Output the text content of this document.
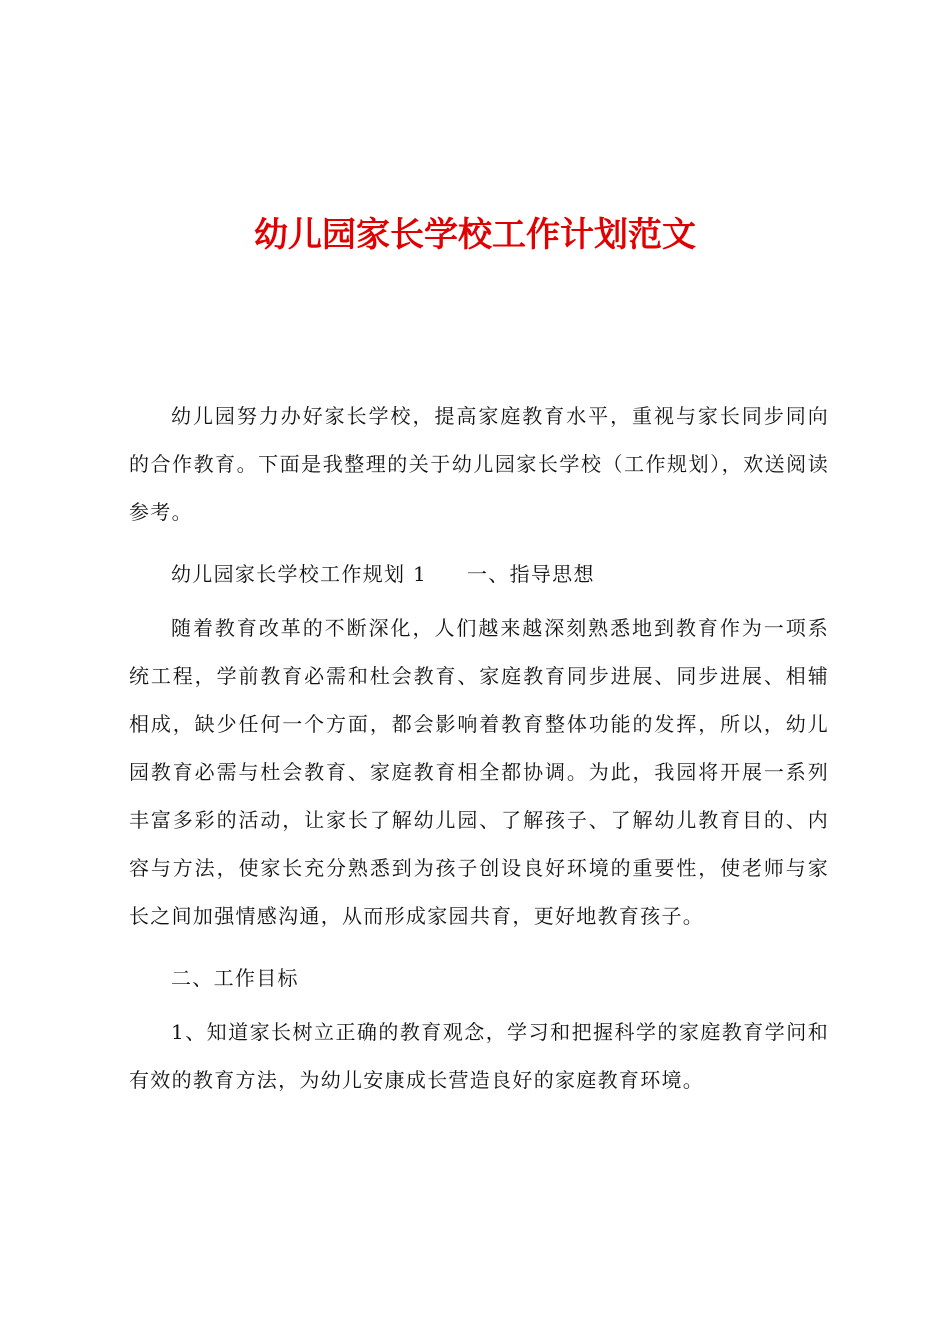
幼儿园家长学校工作计划范文

幼儿园努力办好家长学校，提高家庭教育水平，重视与家长同步同向的合作教育。下面是我整理的关于幼儿园家长学校（工作规划），欢送阅读参考。

幼儿园家长学校工作规划 1 一、指导思想

随着教育改革的不断深化，人们越来越深刻熟悉地到教育作为一项系统工程，学前教育必需和杜会教育、家庭教育同步进展、同步进展、相辅相成，缺少任何一个方面，都会影响着教育整体功能的发挥，所以，幼儿园教育必需与杜会教育、家庭教育相全都协调。为此，我园将开展一系列丰富多彩的活动，让家长了解幼儿园、了解孩子、了解幼儿教育目的、内容与方法，使家长充分熟悉到为孩子创设良好环境的重要性，使老师与家长之间加强情感沟通，从而形成家园共育，更好地教育孩子。

二、工作目标

1、知道家长树立正确的教育观念，学习和把握科学的家庭教育学问和有效的教育方法，为幼儿安康成长营造良好的家庭教育环境。
